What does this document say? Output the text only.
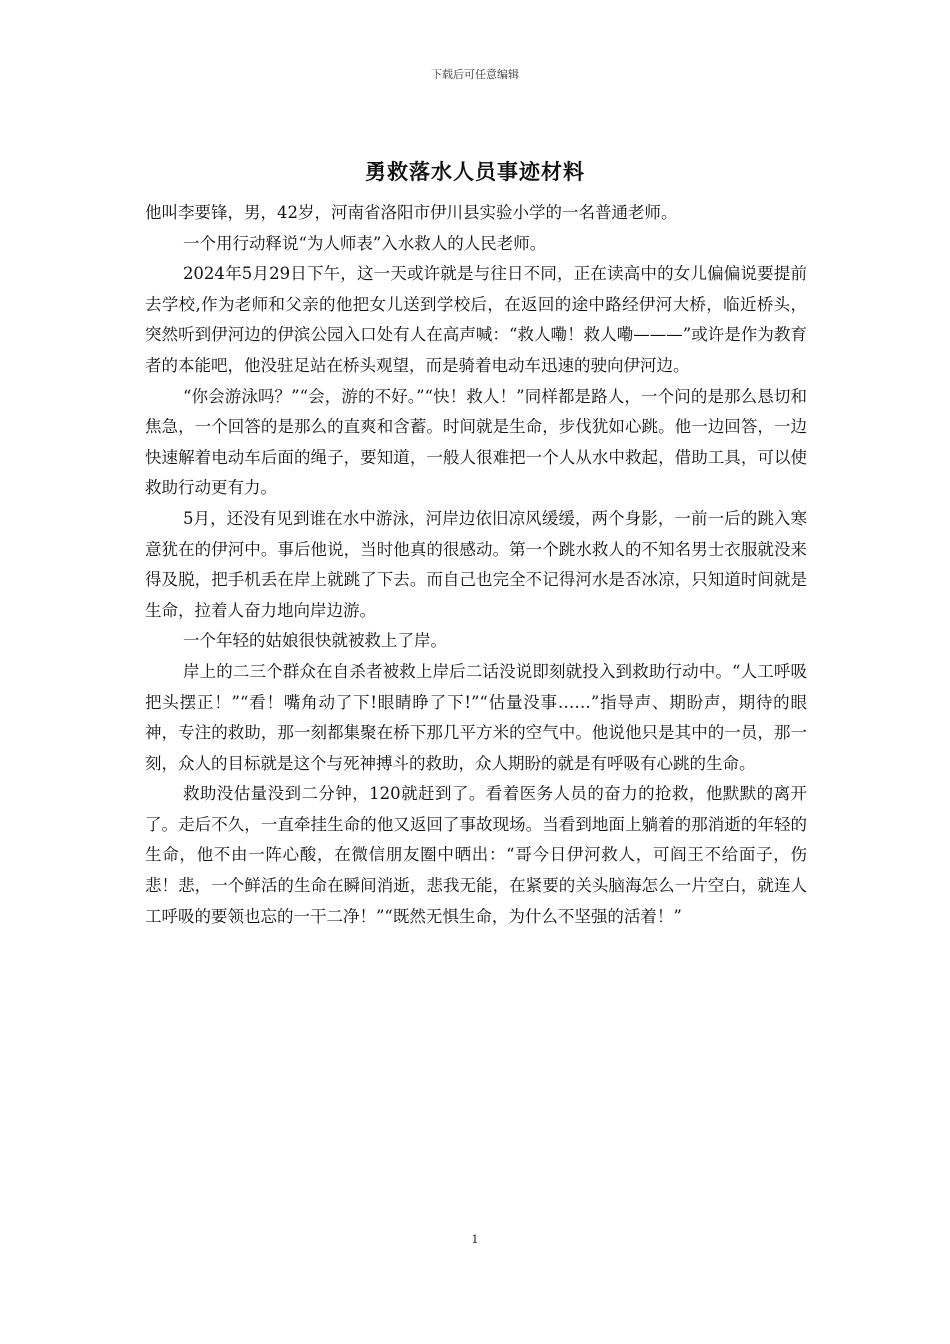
下载后可任意编辑
勇救落水人员事迹材料

他叫李要锋，男，42岁，河南省洛阳市伊川县实验小学的一名普通老师。

一个用行动释说“为人师表”入水救人的人民老师。

2024年5月29日下午，这一天或许就是与往日不同，正在读高中的女儿偏偏说要提前去学校,作为老师和父亲的他把女儿送到学校后，在返回的途中路经伊河大桥，临近桥头，突然听到伊河边的伊滨公园入口处有人在高声喊：“救人嘞！救人嘞———”或许是作为教育者的本能吧，他没驻足站在桥头观望，而是骑着电动车迅速的驶向伊河边。

“你会游泳吗？”“会，游的不好。”“快！救人！”同样都是路人，一个问的是那么恳切和焦急，一个回答的是那么的直爽和含蓄。时间就是生命，步伐犹如心跳。他一边回答，一边快速解着电动车后面的绳子，要知道，一般人很难把一个人从水中救起，借助工具，可以使救助行动更有力。

5月，还没有见到谁在水中游泳，河岸边依旧凉风缓缓，两个身影，一前一后的跳入寒意犹在的伊河中。事后他说，当时他真的很感动。第一个跳水救人的不知名男士衣服就没来得及脱，把手机丢在岸上就跳了下去。而自己也完全不记得河水是否冰凉，只知道时间就是生命，拉着人奋力地向岸边游。

一个年轻的姑娘很快就被救上了岸。

岸上的二三个群众在自杀者被救上岸后二话没说即刻就投入到救助行动中。“人工呼吸把头摆正！”“看！嘴角动了下!眼睛睁了下!”“估量没事……”指导声、期盼声，期待的眼神，专注的救助，那一刻都集聚在桥下那几平方米的空气中。他说他只是其中的一员，那一刻，众人的目标就是这个与死神搏斗的救助，众人期盼的就是有呼吸有心跳的生命。

救助没估量没到二分钟，120就赶到了。看着医务人员的奋力的抢救，他默默的离开了。走后不久，一直牵挂生命的他又返回了事故现场。当看到地面上躺着的那消逝的年轻的生命，他不由一阵心酸，在微信朋友圈中晒出：“哥今日伊河救人，可阎王不给面子，伤悲！悲，一个鲜活的生命在瞬间消逝，悲我无能，在紧要的关头脑海怎么一片空白，就连人工呼吸的要领也忘的一干二净！”“既然无惧生命，为什么不坚强的活着！”

1
